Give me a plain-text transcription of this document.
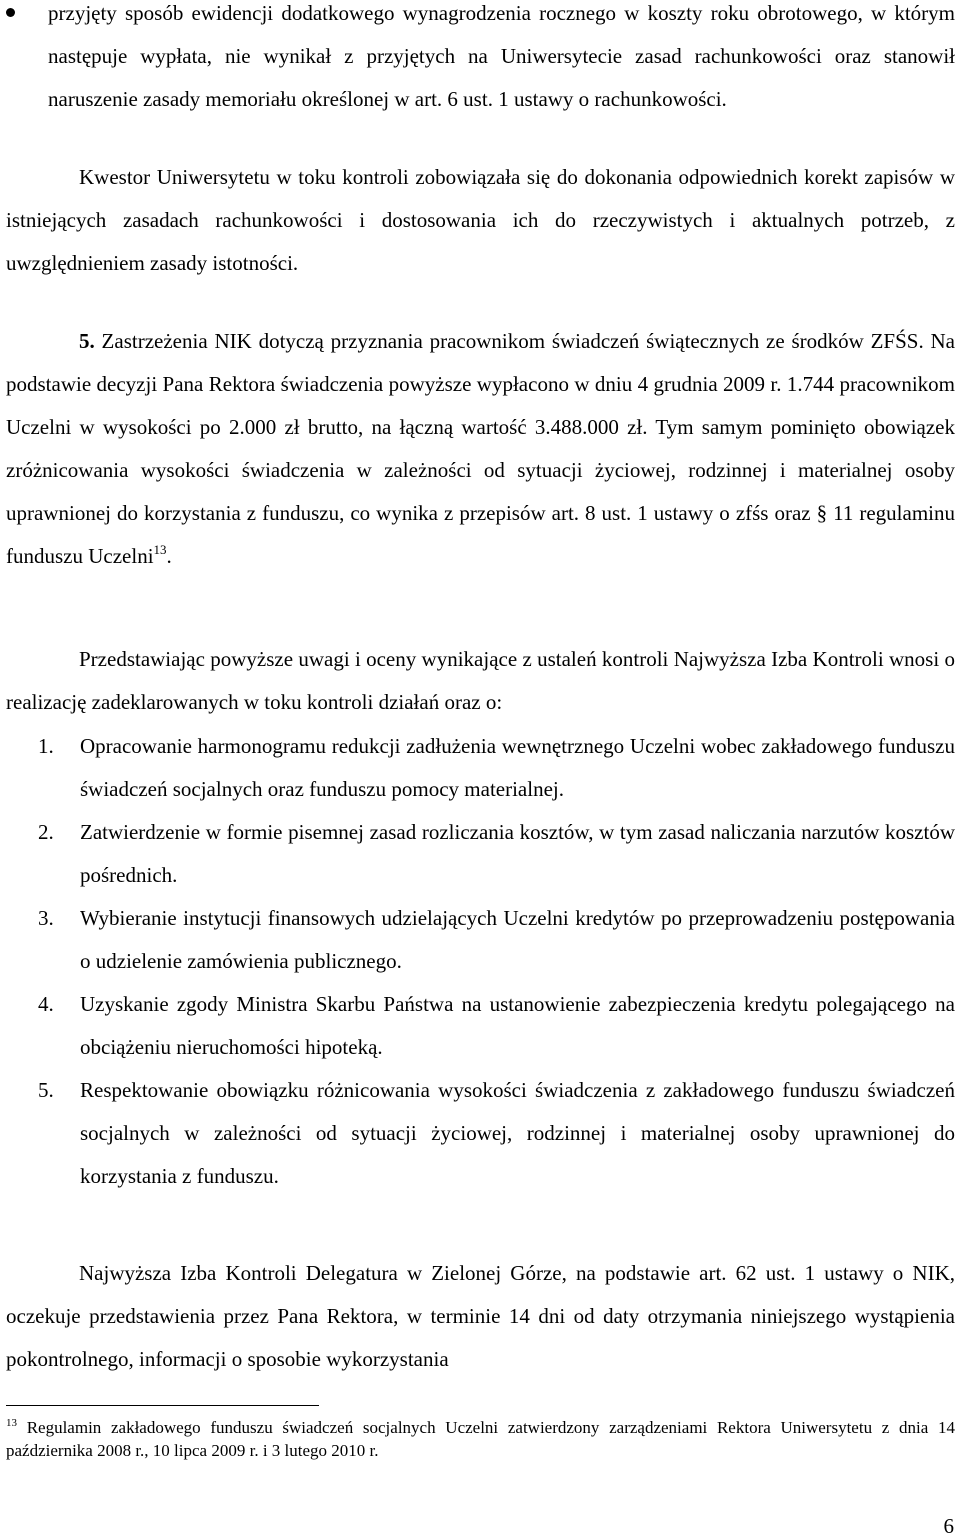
przyjęty sposób ewidencji dodatkowego wynagrodzenia rocznego w koszty roku obrotowego, w którym następuje wypłata, nie wynikał z przyjętych na Uniwersytecie zasad rachunkowości oraz stanowił naruszenie zasady memoriału określonej w art. 6 ust. 1 ustawy o rachunkowości.

Kwestor Uniwersytetu w toku kontroli zobowiązała się do dokonania odpowiednich korekt zapisów w istniejących zasadach rachunkowości i dostosowania ich do rzeczywistych i aktualnych potrzeb, z uwzględnieniem zasady istotności.

5. Zastrzeżenia NIK dotyczą przyznania pracownikom świadczeń świątecznych ze środków ZFŚS. Na podstawie decyzji Pana Rektora świadczenia powyższe wypłacono w dniu 4 grudnia 2009 r. 1.744 pracownikom Uczelni w wysokości po 2.000 zł brutto, na łączną wartość 3.488.000 zł. Tym samym pominięto obowiązek zróżnicowania wysokości świadczenia w zależności od sytuacji życiowej, rodzinnej i materialnej osoby uprawnionej do korzystania z funduszu, co wynika z przepisów art. 8 ust. 1 ustawy o zfśs oraz § 11 regulaminu funduszu Uczelni$^{13}$.

Przedstawiając powyższe uwagi i oceny wynikające z ustaleń kontroli Najwyższa Izba Kontroli wnosi o realizację zadeklarowanych w toku kontroli działań oraz o:

1. Opracowanie harmonogramu redukcji zadłużenia wewnętrznego Uczelni wobec zakładowego funduszu świadczeń socjalnych oraz funduszu pomocy materialnej.
2. Zatwierdzenie w formie pisemnej zasad rozliczania kosztów, w tym zasad naliczania narzutów kosztów pośrednich.
3. Wybieranie instytucji finansowych udzielających Uczelni kredytów po przeprowadzeniu postępowania o udzielenie zamówienia publicznego.
4. Uzyskanie zgody Ministra Skarbu Państwa na ustanowienie zabezpieczenia kredytu polegającego na obciążeniu nieruchomości hipoteką.
5. Respektowanie obowiązku różnicowania wysokości świadczenia z zakładowego funduszu świadczeń socjalnych w zależności od sytuacji życiowej, rodzinnej i materialnej osoby uprawnionej do korzystania z funduszu.

Najwyższa Izba Kontroli Delegatura w Zielonej Górze, na podstawie art. 62 ust. 1 ustawy o NIK, oczekuje przedstawienia przez Pana Rektora, w terminie 14 dni od daty otrzymania niniejszego wystąpienia pokontrolnego, informacji o sposobie wykorzystania

$^{13}$ Regulamin zakładowego funduszu świadczeń socjalnych Uczelni zatwierdzony zarządzeniami Rektora Uniwersytetu z dnia 14 października 2008 r., 10 lipca 2009 r. i 3 lutego 2010 r.
6
